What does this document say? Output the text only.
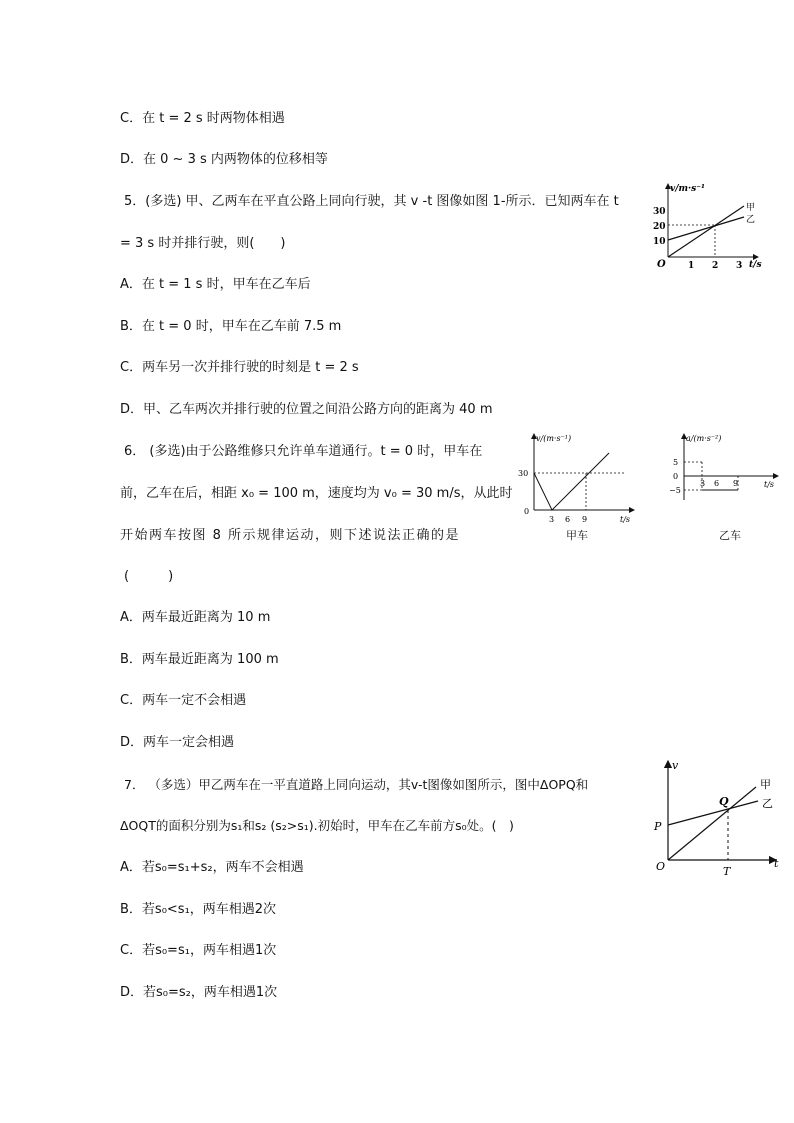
C．在 t = 2 s 时两物体相遇
D．在 0 ~ 3 s 内两物体的位移相等
5．(多选) 甲、乙两车在平直公路上同向行驶，其 v -t 图像如图 1-所示．已知两车在 t
= 3 s 时并排行驶，则(　　)
A．在 t = 1 s 时，甲车在乙车后
B．在 t = 0 时，甲车在乙车前 7.5 m
C．两车另一次并排行驶的时刻是 t = 2 s
D．甲、乙车两次并排行驶的位置之间沿公路方向的距离为 40 m
6． (多选)由于公路维修只允许单车道通行。t = 0 时，甲车在
前，乙车在后，相距 x₀ = 100 m，速度均为 v₀ = 30 m/s，从此时
开始两车按图 8 所示规律运动，则下述说法正确的是
(　　　)
A．两车最近距离为 10 m
B．两车最近距离为 100 m
C．两车一定不会相遇
D．两车一定会相遇
7． （多选）甲乙两车在一平直道路上同向运动，其v-t图像如图所示，图中ΔOPQ和
ΔOQT的面积分别为s₁和s₂ (s₂>s₁).初始时，甲车在乙车前方s₀处。(　)
A．若s₀=s₁+s₂，两车不会相遇
B．若s₀<s₁，两车相遇2次
C．若s₀=s₁，两车相遇1次
D．若s₀=s₂，两车相遇1次
v/m·s⁻¹
t/s
O
30
20
10
1 2 3
甲
乙
v/(m·s⁻¹)
t/s
0
30
3 6 9
甲车
a/(m·s⁻²)
t/s
5
0
−5
3 6 9
乙车
v
t
O
P
Q
T
甲
乙
